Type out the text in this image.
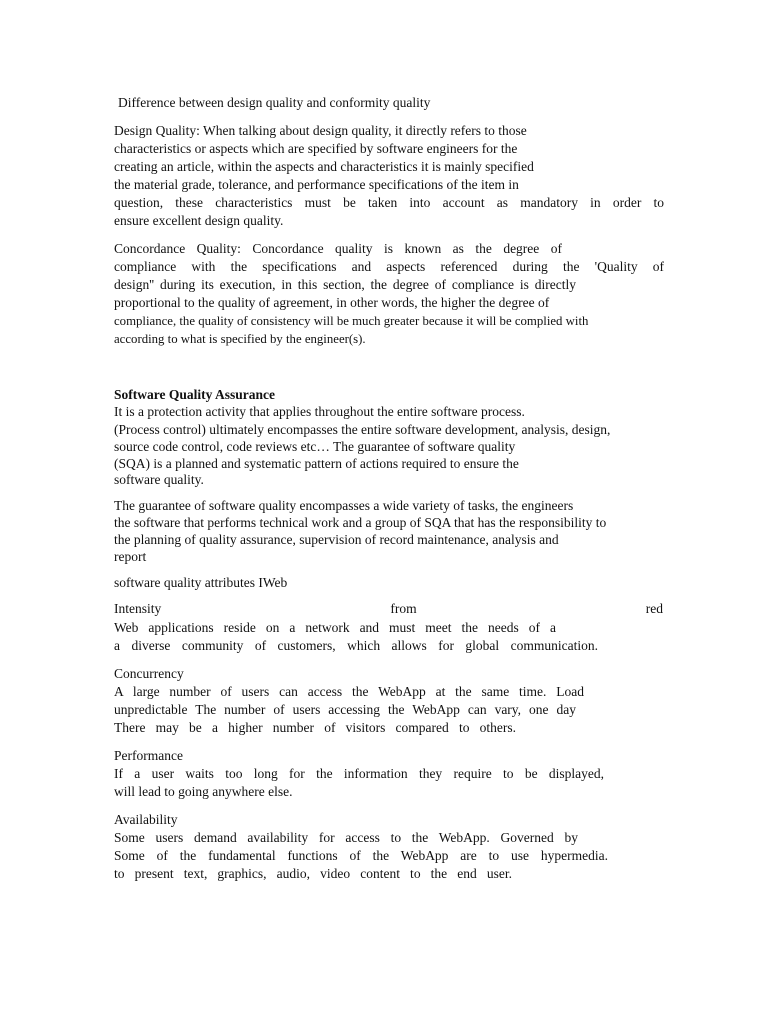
Difference between design quality and conformity quality
Design Quality: When talking about design quality, it directly refers to those
characteristics or aspects which are specified by software engineers for the
creating an article, within the aspects and characteristics it is mainly specified
the material grade, tolerance, and performance specifications of the item in
question, these characteristics must be taken into account as mandatory in order to
ensure excellent design quality.
Concordance Quality: Concordance quality is known as the degree of
compliance with the specifications and aspects referenced during the 'Quality of
design'' during its execution, in this section, the degree of compliance is directly
proportional to the quality of agreement, in other words, the higher the degree of
compliance, the quality of consistency will be much greater because it will be complied with
according to what is specified by the engineer(s).
Software Quality Assurance
It is a protection activity that applies throughout the entire software process.
(Process control) ultimately encompasses the entire software development, analysis, design,
source code control, code reviews etc… The guarantee of software quality
(SQA) is a planned and systematic pattern of actions required to ensure the
software quality.
The guarantee of software quality encompasses a wide variety of tasks, the engineers
the software that performs technical work and a group of SQA that has the responsibility to
the planning of quality assurance, supervision of record maintenance, analysis and
report
software quality attributes IWeb
Intensity	from	red
Web applications reside on a network and must meet the needs of a
a diverse community of customers, which allows for global communication.
Concurrency
A large number of users can access the WebApp at the same time. Load
unpredictable The number of users accessing the WebApp can vary, one day
There may be a higher number of visitors compared to others.
Performance
If a user waits too long for the information they require to be displayed,
will lead to going anywhere else.
Availability
Some users demand availability for access to the WebApp. Governed by
Some of the fundamental functions of the WebApp are to use hypermedia.
to present text, graphics, audio, video content to the end user.
